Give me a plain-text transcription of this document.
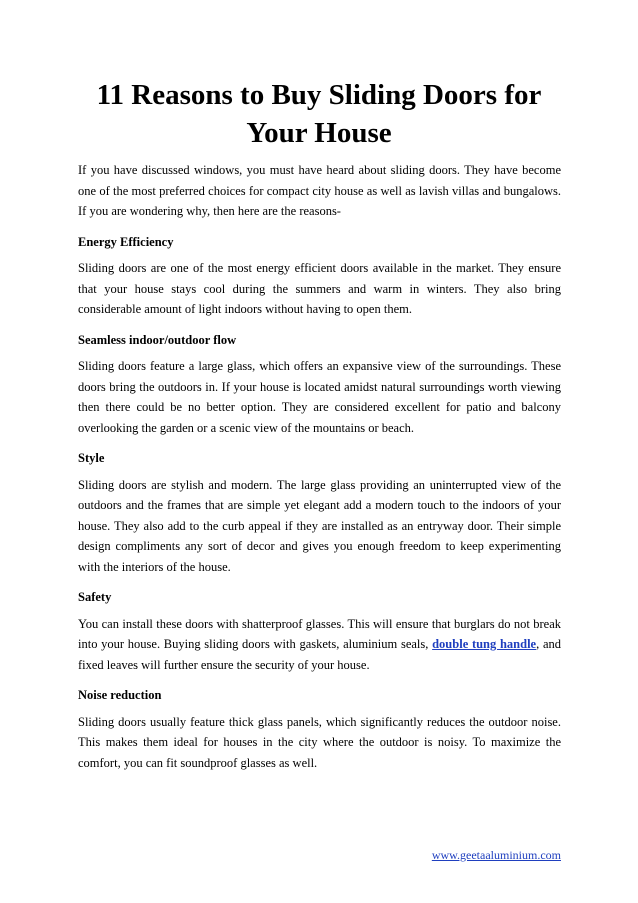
11 Reasons to Buy Sliding Doors for Your House

If you have discussed windows, you must have heard about sliding doors. They have become one of the most preferred choices for compact city house as well as lavish villas and bungalows. If you are wondering why, then here are the reasons-

Energy Efficiency

Sliding doors are one of the most energy efficient doors available in the market. They ensure that your house stays cool during the summers and warm in winters. They also bring considerable amount of light indoors without having to open them.

Seamless indoor/outdoor flow

Sliding doors feature a large glass, which offers an expansive view of the surroundings. These doors bring the outdoors in. If your house is located amidst natural surroundings worth viewing then there could be no better option. They are considered excellent for patio and balcony overlooking the garden or a scenic view of the mountains or beach.

Style

Sliding doors are stylish and modern. The large glass providing an uninterrupted view of the outdoors and the frames that are simple yet elegant add a modern touch to the indoors of your house. They also add to the curb appeal if they are installed as an entryway door. Their simple design compliments any sort of decor and gives you enough freedom to keep experimenting with the interiors of the house.

Safety

You can install these doors with shatterproof glasses. This will ensure that burglars do not break into your house. Buying sliding doors with gaskets, aluminium seals, double tung handle, and fixed leaves will further ensure the security of your house.

Noise reduction

Sliding doors usually feature thick glass panels, which significantly reduces the outdoor noise. This makes them ideal for houses in the city where the outdoor is noisy. To maximize the comfort, you can fit soundproof glasses as well.

www.geetaaluminium.com
